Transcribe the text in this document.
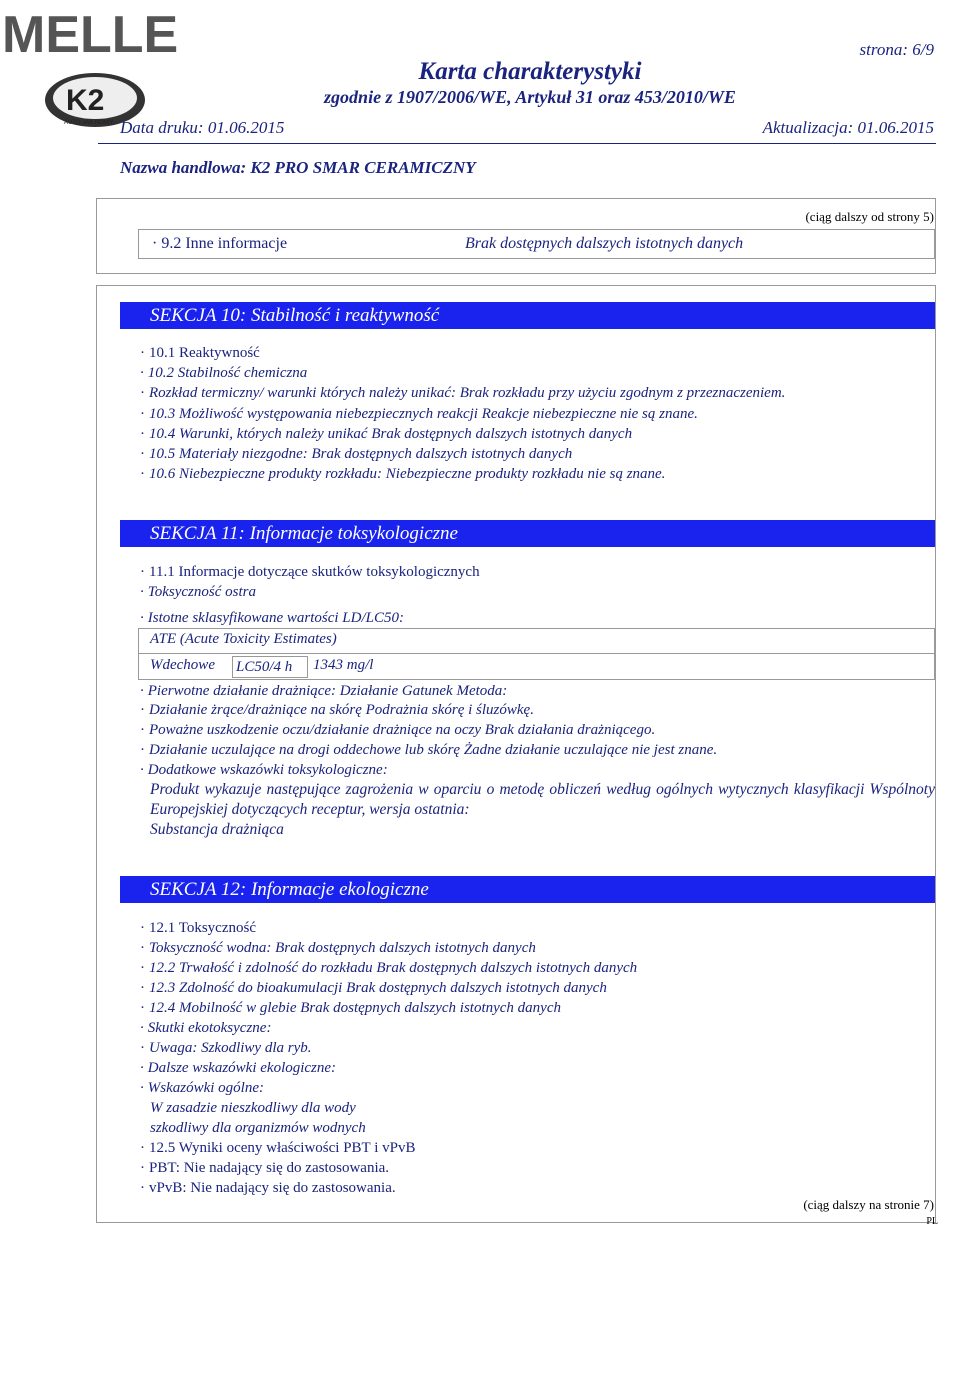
MELLE
K2
AUTO JAK NOWY
strona: 6/9
Karta charakterystyki
zgodnie z 1907/2006/WE, Artykuł 31 oraz 453/2010/WE
Data druku: 01.06.2015	Aktualizacja: 01.06.2015
Nazwa handlowa: K2 PRO SMAR CERAMICZNY
(ciąg dalszy od strony 5)
· 9.2 Inne informacje	Brak dostępnych dalszych istotnych danych
SEKCJA 10: Stabilność i reaktywność
· 10.1 Reaktywność
· 10.2 Stabilność chemiczna
· Rozkład termiczny/ warunki których należy unikać: Brak rozkładu przy użyciu zgodnym z przeznaczeniem.
· 10.3 Możliwość występowania niebezpiecznych reakcji Reakcje niebezpieczne nie są znane.
· 10.4 Warunki, których należy unikać Brak dostępnych dalszych istotnych danych
· 10.5 Materiały niezgodne: Brak dostępnych dalszych istotnych danych
· 10.6 Niebezpieczne produkty rozkładu: Niebezpieczne produkty rozkładu nie są znane.
SEKCJA 11: Informacje toksykologiczne
· 11.1 Informacje dotyczące skutków toksykologicznych
· Toksyczność ostra
· Istotne sklasyfikowane wartości LD/LC50:
ATE (Acute Toxicity Estimates)
Wdechowe LC50/4 h	1343 mg/l
· Pierwotne działanie drażniące: Działanie Gatunek Metoda:
· Działanie żrące/drażniące na skórę Podrażnia skórę i śluzówkę.
· Poważne uszkodzenie oczu/działanie drażniące na oczy Brak działania drażniącego.
· Działanie uczulające na drogi oddechowe lub skórę Żadne działanie uczulające nie jest znane.
· Dodatkowe wskazówki toksykologiczne:
Produkt wykazuje następujące zagrożenia w oparciu o metodę obliczeń według ogólnych wytycznych klasyfikacji Wspólnoty Europejskiej dotyczących receptur, wersja ostatnia:
Substancja drażniąca
SEKCJA 12: Informacje ekologiczne
· 12.1 Toksyczność
· Toksyczność wodna: Brak dostępnych dalszych istotnych danych
· 12.2 Trwałość i zdolność do rozkładu Brak dostępnych dalszych istotnych danych
· 12.3 Zdolność do bioakumulacji Brak dostępnych dalszych istotnych danych
· 12.4 Mobilność w glebie Brak dostępnych dalszych istotnych danych
· Skutki ekotoksyczne:
· Uwaga: Szkodliwy dla ryb.
· Dalsze wskazówki ekologiczne:
· Wskazówki ogólne:
W zasadzie nieszkodliwy dla wody
szkodliwy dla organizmów wodnych
· 12.5 Wyniki oceny właściwości PBT i vPvB
· PBT: Nie nadający się do zastosowania.
· vPvB: Nie nadający się do zastosowania.
(ciąg dalszy na stronie 7)
PL
